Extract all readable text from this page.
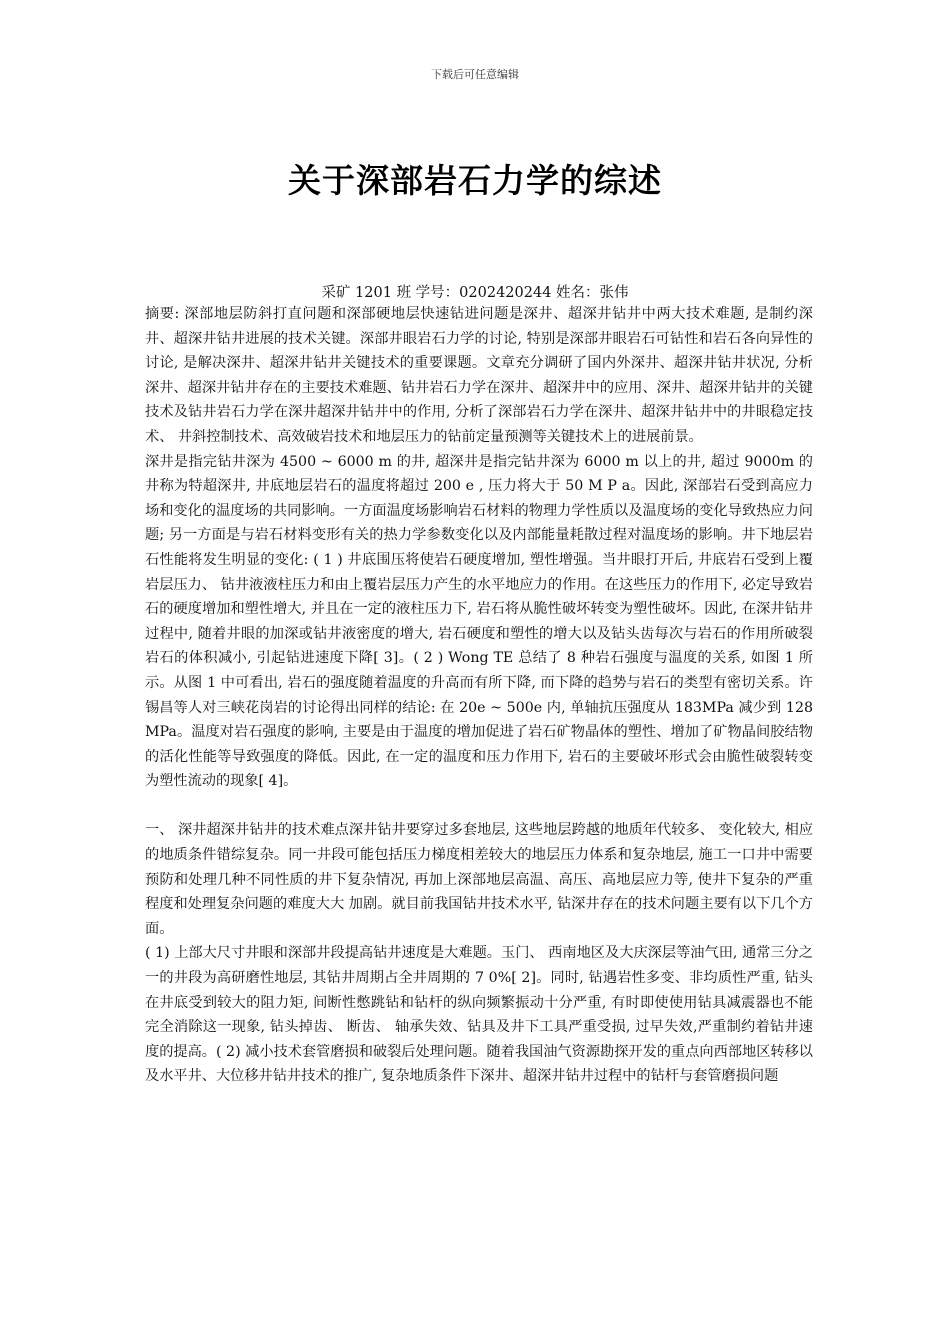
下载后可任意编辑
关于深部岩石力学的综述
采矿 1201 班 学号：0202420244 姓名：张伟

摘要: 深部地层防斜打直问题和深部硬地层快速钻进问题是深井、超深井钻井中两大技术难题, 是制约深井、超深井钻井进展的技术关键。深部井眼岩石力学的讨论, 特别是深部井眼岩石可钻性和岩石各向异性的讨论, 是解决深井、超深井钻井关键技术的重要课题。文章充分调研了国内外深井、超深井钻井状况, 分析深井、超深井钻井存在的主要技术难题、钻井岩石力学在深井、超深井中的应用、深井、超深井钻井的关键技术及钻井岩石力学在深井超深井钻井中的作用, 分析了深部岩石力学在深井、超深井钻井中的井眼稳定技术、 井斜控制技术、高效破岩技术和地层压力的钻前定量预测等关键技术上的进展前景。

深井是指完钻井深为 4500 ~ 6000 m 的井, 超深井是指完钻井深为 6000 m 以上的井, 超过 9000m 的井称为特超深井, 井底地层岩石的温度将超过 200 e , 压力将大于 50 M P a。因此, 深部岩石受到高应力场和变化的温度场的共同影响。一方面温度场影响岩石材料的物理力学性质以及温度场的变化导致热应力问题; 另一方面是与岩石材料变形有关的热力学参数变化以及内部能量耗散过程对温度场的影响。井下地层岩石性能将发生明显的变化: ( 1 ) 井底围压将使岩石硬度增加, 塑性增强。当井眼打开后, 井底岩石受到上覆岩层压力、 钻井液液柱压力和由上覆岩层压力产生的水平地应力的作用。在这些压力的作用下, 必定导致岩石的硬度增加和塑性增大, 并且在一定的液柱压力下, 岩石将从脆性破坏转变为塑性破坏。因此, 在深井钻井过程中, 随着井眼的加深或钻井液密度的增大, 岩石硬度和塑性的增大以及钻头齿每次与岩石的作用所破裂岩石的体积减小, 引起钻进速度下降[ 3]。( 2 ) Wong TE 总结了 8 种岩石强度与温度的关系, 如图 1 所示。从图 1 中可看出, 岩石的强度随着温度的升高而有所下降, 而下降的趋势与岩石的类型有密切关系。许锡昌等人对三峡花岗岩的讨论得出同样的结论: 在 20e ~ 500e 内, 单轴抗压强度从 183MPa 减少到 128MPa。温度对岩石强度的影响, 主要是由于温度的增加促进了岩石矿物晶体的塑性、增加了矿物晶间胶结物的活化性能等导致强度的降低。因此, 在一定的温度和压力作用下, 岩石的主要破坏形式会由脆性破裂转变为塑性流动的现象[ 4]。

一、 深井超深井钻井的技术难点深井钻井要穿过多套地层, 这些地层跨越的地质年代较多、 变化较大, 相应的地质条件错综复杂。同一井段可能包括压力梯度相差较大的地层压力体系和复杂地层, 施工一口井中需要预防和处理几种不同性质的井下复杂情况, 再加上深部地层高温、高压、高地层应力等, 使井下复杂的严重程度和处理复杂问题的难度大大 加剧。就目前我国钻井技术水平, 钻深井存在的技术问题主要有以下几个方面。

( 1) 上部大尺寸井眼和深部井段提高钻井速度是大难题。玉门、 西南地区及大庆深层等油气田, 通常三分之一的井段为高研磨性地层, 其钻井周期占全井周期的 7 0%[ 2]。同时, 钻遇岩性多变、非均质性严重, 钻头在井底受到较大的阻力矩, 间断性憋跳钻和钻杆的纵向频繁振动十分严重, 有时即使使用钻具减震器也不能完全消除这一现象, 钻头掉齿、 断齿、 轴承失效、钻具及井下工具严重受损, 过早失效,严重制约着钻井速度的提高。( 2) 减小技术套管磨损和破裂后处理问题。随着我国油气资源勘探开发的重点向西部地区转移以及水平井、大位移井钻井技术的推广, 复杂地质条件下深井、超深井钻井过程中的钻杆与套管磨损问题
